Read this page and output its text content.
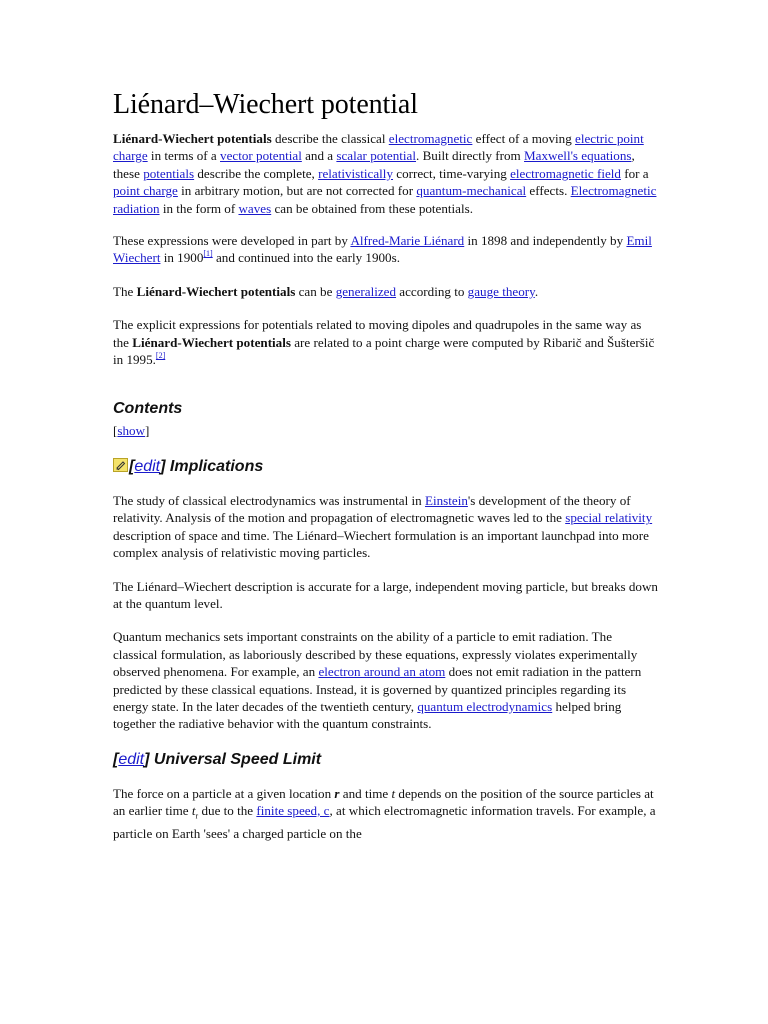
Liénard–Wiechert potential

Liénard-Wiechert potentials describe the classical electromagnetic effect of a moving electric point charge in terms of a vector potential and a scalar potential. Built directly from Maxwell's equations, these potentials describe the complete, relativistically correct, time-varying electromagnetic field for a point charge in arbitrary motion, but are not corrected for quantum-mechanical effects. Electromagnetic radiation in the form of waves can be obtained from these potentials.

These expressions were developed in part by Alfred-Marie Liénard in 1898 and independently by Emil Wiechert in 1900[1] and continued into the early 1900s.

The Liénard-Wiechert potentials can be generalized according to gauge theory.

The explicit expressions for potentials related to moving dipoles and quadrupoles in the same way as the Liénard-Wiechert potentials are related to a point charge were computed by Ribarič and Šušteršič in 1995.[2]

Contents
[show]
[edit] Implications

The study of classical electrodynamics was instrumental in Einstein's development of the theory of relativity. Analysis of the motion and propagation of electromagnetic waves led to the special relativity description of space and time. The Liénard–Wiechert formulation is an important launchpad into more complex analysis of relativistic moving particles.

The Liénard–Wiechert description is accurate for a large, independent moving particle, but breaks down at the quantum level.

Quantum mechanics sets important constraints on the ability of a particle to emit radiation. The classical formulation, as laboriously described by these equations, expressly violates experimentally observed phenomena. For example, an electron around an atom does not emit radiation in the pattern predicted by these classical equations. Instead, it is governed by quantized principles regarding its energy state. In the later decades of the twentieth century, quantum electrodynamics helped bring together the radiative behavior with the quantum constraints.

[edit] Universal Speed Limit

The force on a particle at a given location r and time t depends on the position of the source particles at an earlier time $t_r$ due to the finite speed, c, at which electromagnetic information travels. For example, a particle on Earth 'sees' a charged particle on the
